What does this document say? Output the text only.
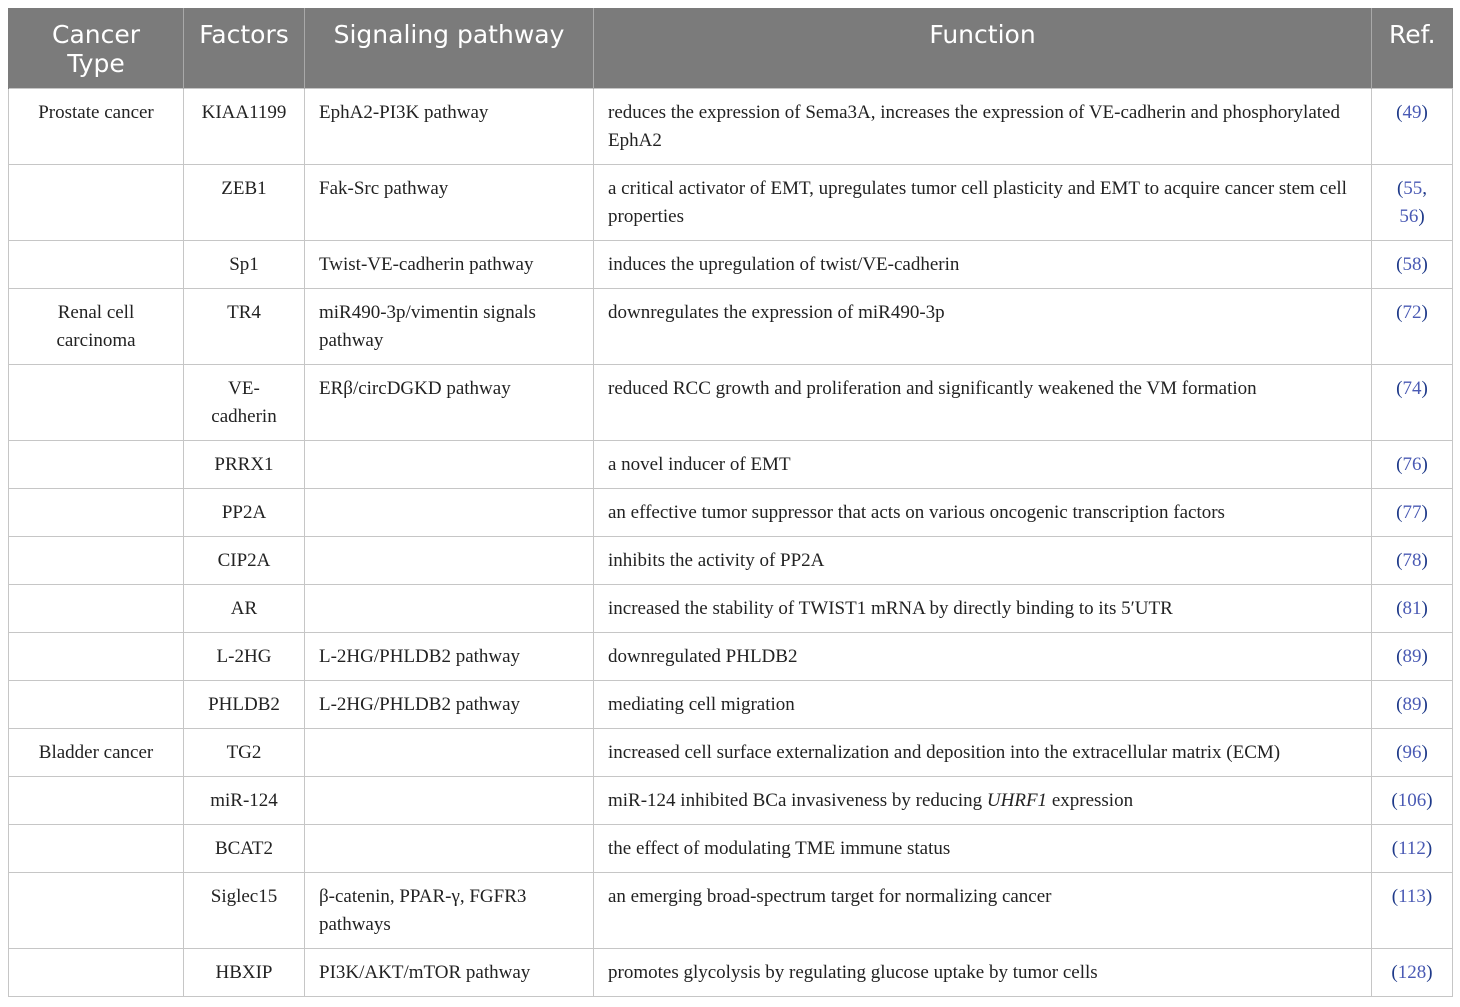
Cancer
Type	Factors	Signaling pathway	Function	Ref.
Prostate cancer	KIAA1199	EphA2-PI3K pathway	reduces the expression of Sema3A, increases the expression of VE-cadherin and phosphorylated EphA2	(49)
	ZEB1	Fak-Src pathway	a critical activator of EMT, upregulates tumor cell plasticity and EMT to acquire cancer stem cell properties	(55,
56)
	Sp1	Twist-VE-cadherin pathway	induces the upregulation of twist/VE-cadherin	(58)
Renal cell carcinoma	TR4	miR490-3p/vimentin signals pathway	downregulates the expression of miR490-3p	(72)
	VE-cadherin	ERβ/circDGKD pathway	reduced RCC growth and proliferation and significantly weakened the VM formation	(74)
	PRRX1		a novel inducer of EMT	(76)
	PP2A		an effective tumor suppressor that acts on various oncogenic transcription factors	(77)
	CIP2A		inhibits the activity of PP2A	(78)
	AR		increased the stability of TWIST1 mRNA by directly binding to its 5′UTR	(81)
	L-2HG	L-2HG/PHLDB2 pathway	downregulated PHLDB2	(89)
	PHLDB2	L-2HG/PHLDB2 pathway	mediating cell migration	(89)
Bladder cancer	TG2		increased cell surface externalization and deposition into the extracellular matrix (ECM)	(96)
	miR-124		miR-124 inhibited BCa invasiveness by reducing UHRF1 expression	(106)
	BCAT2		the effect of modulating TME immune status	(112)
	Siglec15	β-catenin, PPAR-γ, FGFR3 pathways	an emerging broad-spectrum target for normalizing cancer	(113)
	HBXIP	PI3K/AKT/mTOR pathway	promotes glycolysis by regulating glucose uptake by tumor cells	(128)
